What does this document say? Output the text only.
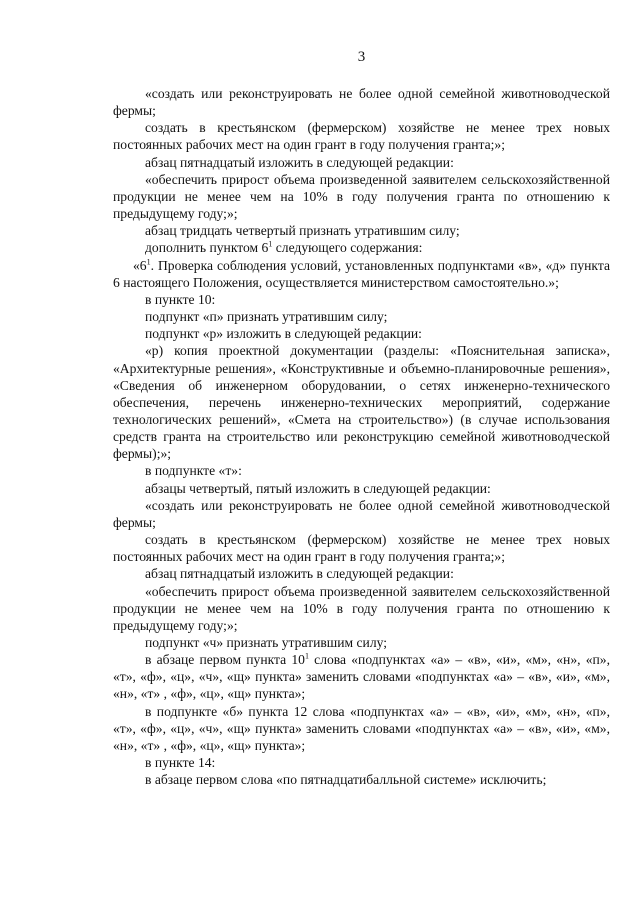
3

«создать или реконструировать не более одной семейной животноводческой фермы;

создать в крестьянском (фермерском) хозяйстве не менее трех новых постоянных рабочих мест на один грант в году получения гранта;»;

абзац пятнадцатый изложить в следующей редакции:

«обеспечить прирост объема произведенной заявителем сельскохозяйственной продукции не менее чем на 10% в году получения гранта по отношению к предыдущему году;»;

абзац тридцать четвертый признать утратившим силу;

дополнить пунктом $6^1$ следующего содержания:

«$6^1$. Проверка соблюдения условий, установленных подпунктами «в», «д» пункта 6 настоящего Положения, осуществляется министерством самостоятельно.»;

в пункте 10:

подпункт «п» признать утратившим силу;

подпункт «р» изложить в следующей редакции:

«р) копия проектной документации (разделы: «Пояснительная записка», «Архитектурные решения», «Конструктивные и объемно-планировочные решения», «Сведения об инженерном оборудовании, о сетях инженерно-технического обеспечения, перечень инженерно-технических мероприятий, содержание технологических решений», «Смета на строительство») (в случае использования средств гранта на строительство или реконструкцию семейной животноводческой фермы);»;

в подпункте «т»:

абзацы четвертый, пятый изложить в следующей редакции:

«создать или реконструировать не более одной семейной животноводческой фермы;

создать в крестьянском (фермерском) хозяйстве не менее трех новых постоянных рабочих мест на один грант в году получения гранта;»;

абзац пятнадцатый изложить в следующей редакции:

«обеспечить прирост объема произведенной заявителем сельскохозяйственной продукции не менее чем на 10% в году получения гранта по отношению к предыдущему году;»;

подпункт «ч» признать утратившим силу;

в абзаце первом пункта $10^1$ слова «подпунктах «а» – «в», «и», «м», «н», «п», «т», «ф», «ц», «ч», «щ» пункта» заменить словами «подпунктах «а» – «в», «и», «м», «н», «т» , «ф», «ц», «щ» пункта»;

в подпункте «б» пункта 12 слова «подпунктах «а» – «в», «и», «м», «н», «п», «т», «ф», «ц», «ч», «щ» пункта» заменить словами «подпунктах «а» – «в», «и», «м», «н», «т» , «ф», «ц», «щ» пункта»;

в пункте 14:

в абзаце первом слова «по пятнадцатибалльной системе» исключить;
